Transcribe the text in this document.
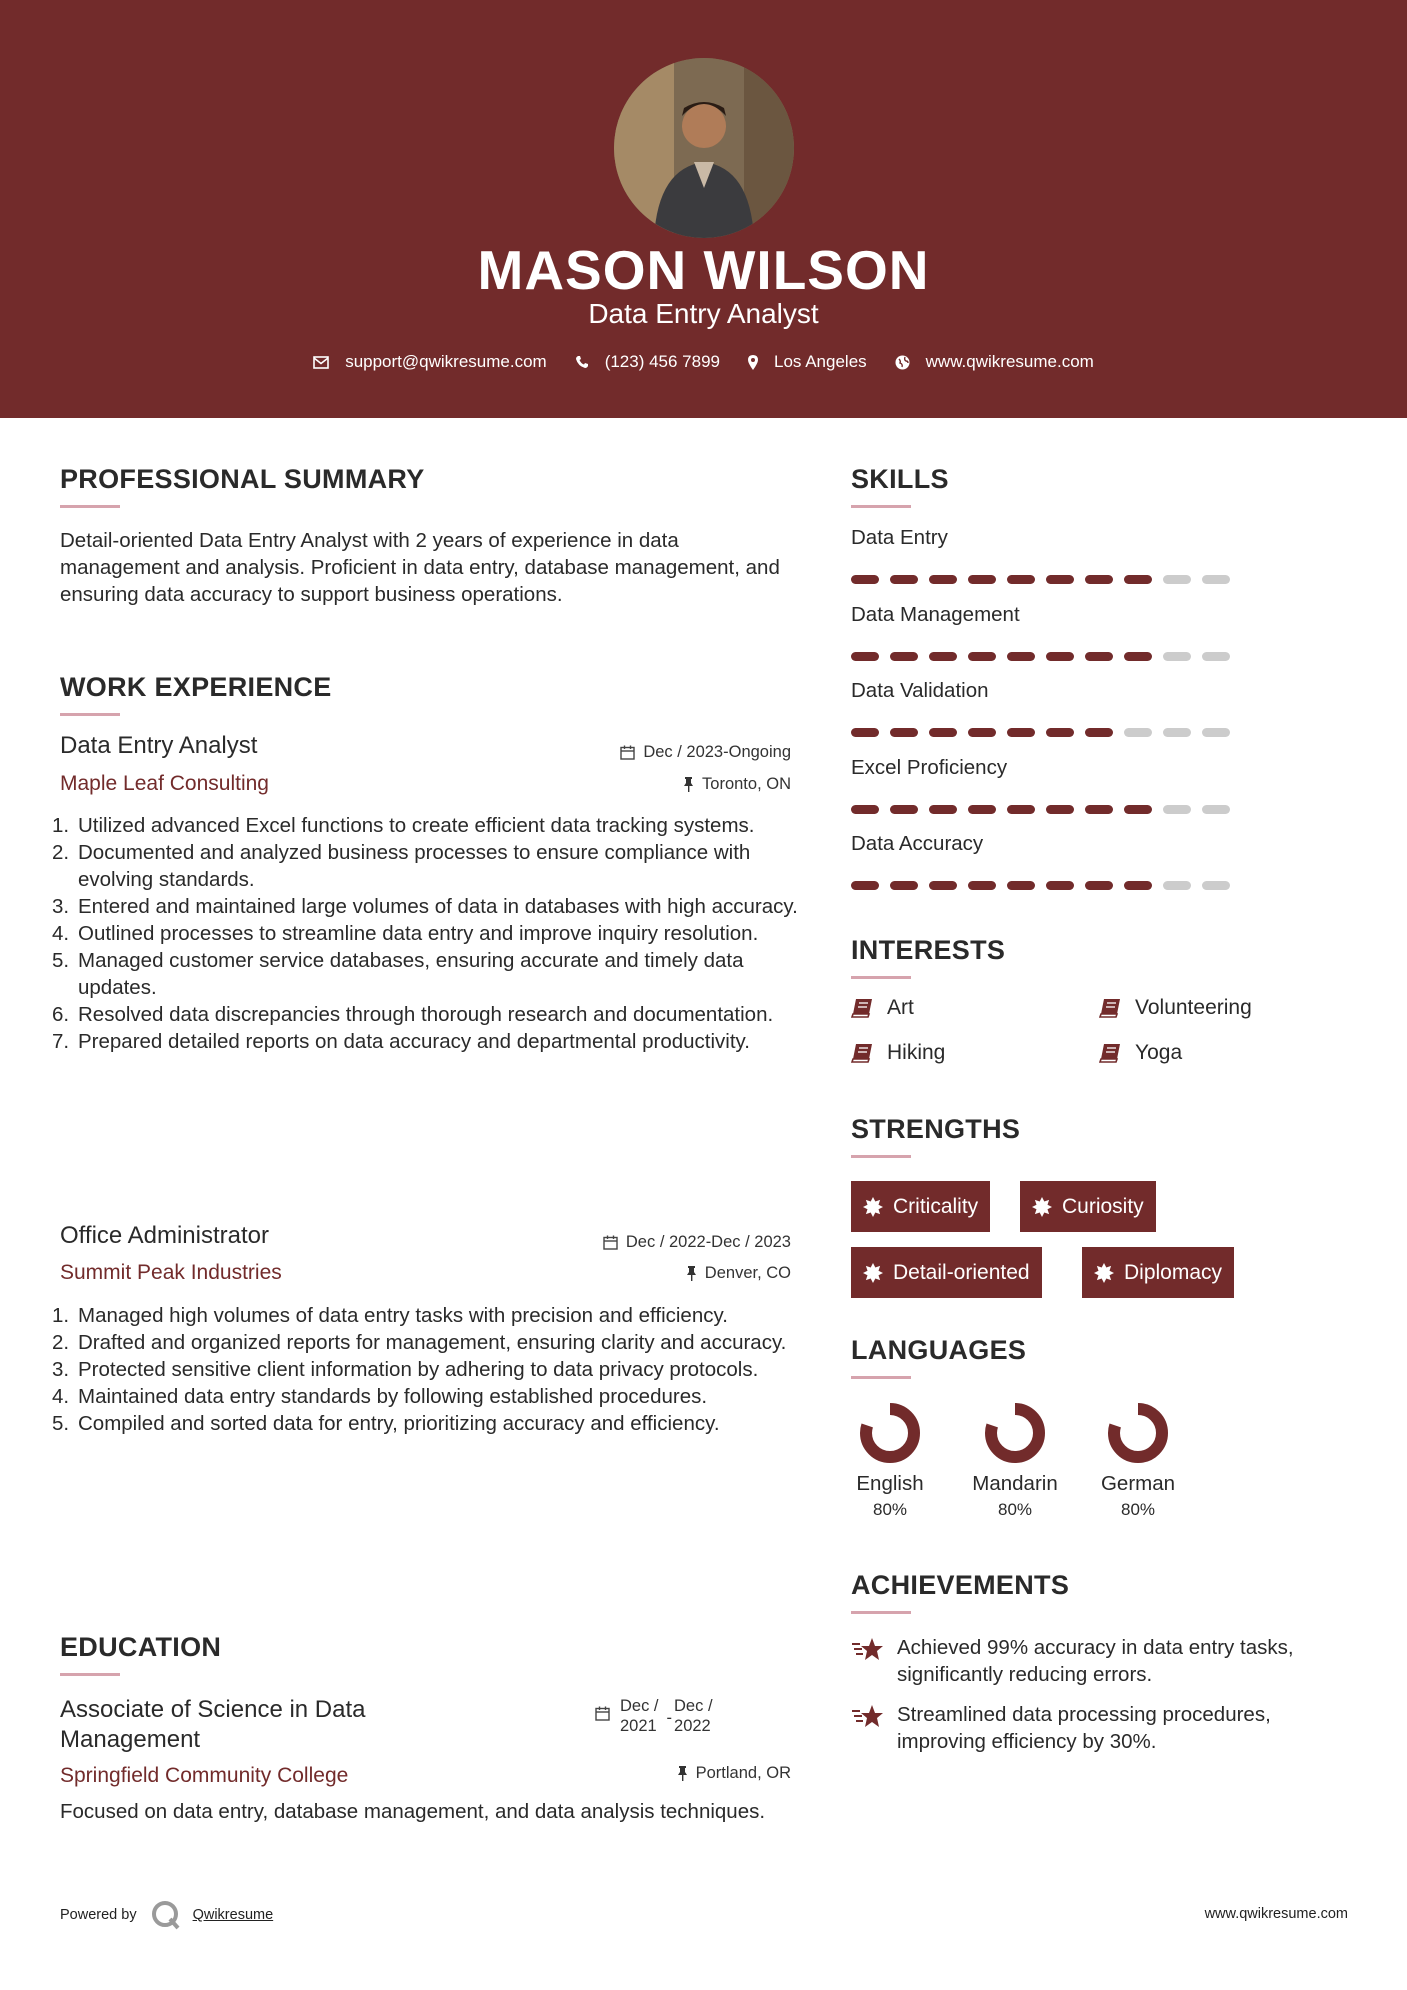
MASON WILSON
Data Entry Analyst
support@qwikresume.com	(123) 456 7899	Los Angeles	www.qwikresume.com
PROFESSIONAL SUMMARY
Detail-oriented Data Entry Analyst with 2 years of experience in data management and analysis. Proficient in data entry, database management, and ensuring data accuracy to support business operations.
WORK EXPERIENCE
Data Entry Analyst
Maple Leaf Consulting
Dec / 2023-Ongoing
Toronto, ON
1. Utilized advanced Excel functions to create efficient data tracking systems.
2. Documented and analyzed business processes to ensure compliance with evolving standards.
3. Entered and maintained large volumes of data in databases with high accuracy.
4. Outlined processes to streamline data entry and improve inquiry resolution.
5. Managed customer service databases, ensuring accurate and timely data updates.
6. Resolved data discrepancies through thorough research and documentation.
7. Prepared detailed reports on data accuracy and departmental productivity.
Office Administrator
Summit Peak Industries
Dec / 2022-Dec / 2023
Denver, CO
1. Managed high volumes of data entry tasks with precision and efficiency.
2. Drafted and organized reports for management, ensuring clarity and accuracy.
3. Protected sensitive client information by adhering to data privacy protocols.
4. Maintained data entry standards by following established procedures.
5. Compiled and sorted data for entry, prioritizing accuracy and efficiency.
EDUCATION
Associate of Science in Data
Management
Springfield Community College
Dec /
2021 -
Dec /
2022
Portland, OR
Focused on data entry, database management, and data analysis techniques.
SKILLS
Data Entry
Data Management
Data Validation
Excel Proficiency
Data Accuracy
INTERESTS
Art	Volunteering
Hiking	Yoga
STRENGTHS
Criticality	Curiosity
Detail-oriented	Diplomacy
LANGUAGES
English
80%
Mandarin
80%
German
80%
ACHIEVEMENTS
Achieved 99% accuracy in data entry tasks, significantly reducing errors.
Streamlined data processing procedures, improving efficiency by 30%.
Powered by	Qwikresume	www.qwikresume.com
